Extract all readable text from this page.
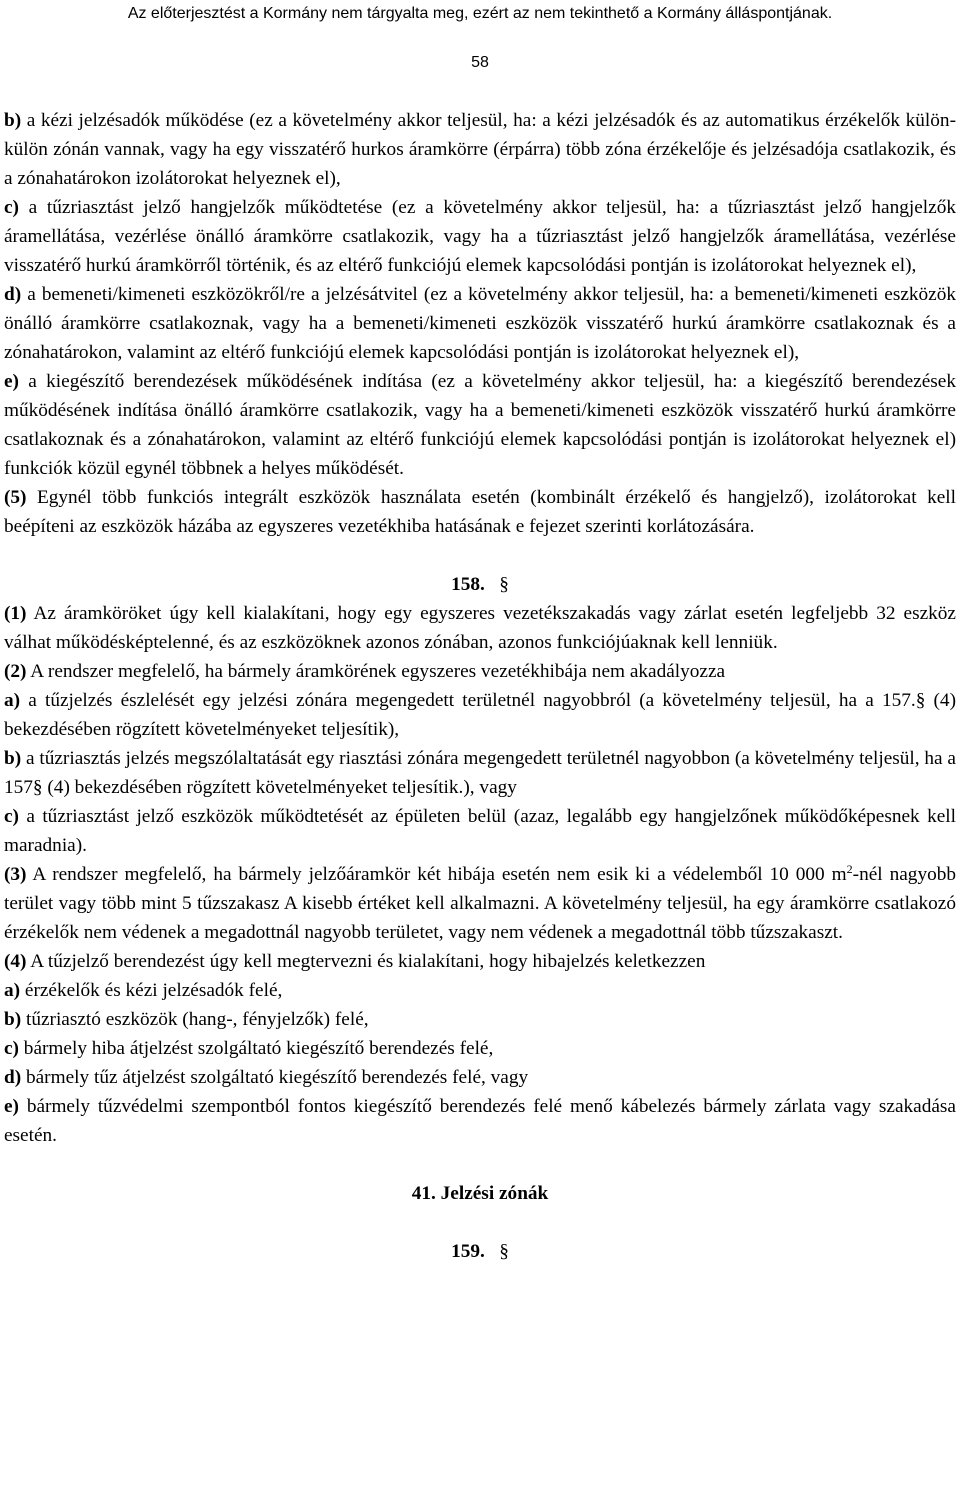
Az előterjesztést a Kormány nem tárgyalta meg, ezért az nem tekinthető a Kormány álláspontjának.
58

b) a kézi jelzésadók működése (ez a követelmény akkor teljesül, ha: a kézi jelzésadók és az automatikus érzékelők külön-külön zónán vannak, vagy ha egy visszatérő hurkos áramkörre (érpárra) több zóna érzékelője és jelzésadója csatlakozik, és a zónahatárokon izolátorokat helyeznek el),

c) a tűzriasztást jelző hangjelzők működtetése (ez a követelmény akkor teljesül, ha: a tűzriasztást jelző hangjelzők áramellátása, vezérlése önálló áramkörre csatlakozik, vagy ha a tűzriasztást jelző hangjelzők áramellátása, vezérlése visszatérő hurkú áramkörről történik, és az eltérő funkciójú elemek kapcsolódási pontján is izolátorokat helyeznek el),

d) a bemeneti/kimeneti eszközökről/re a jelzésátvitel (ez a követelmény akkor teljesül, ha: a bemeneti/kimeneti eszközök önálló áramkörre csatlakoznak, vagy ha a bemeneti/kimeneti eszközök visszatérő hurkú áramkörre csatlakoznak és a zónahatárokon, valamint az eltérő funkciójú elemek kapcsolódási pontján is izolátorokat helyeznek el),

e) a kiegészítő berendezések működésének indítása (ez a követelmény akkor teljesül, ha: a kiegészítő berendezések működésének indítása önálló áramkörre csatlakozik, vagy ha a bemeneti/kimeneti eszközök visszatérő hurkú áramkörre csatlakoznak és a zónahatárokon, valamint az eltérő funkciójú elemek kapcsolódási pontján is izolátorokat helyeznek el) funkciók közül egynél többnek a helyes működését.

(5) Egynél több funkciós integrált eszközök használata esetén (kombinált érzékelő és hangjelző), izolátorokat kell beépíteni az eszközök házába az egyszeres vezetékhiba hatásának e fejezet szerinti korlátozására.

158. §

(1) Az áramköröket úgy kell kialakítani, hogy egy egyszeres vezetékszakadás vagy zárlat esetén legfeljebb 32 eszköz válhat működésképtelenné, és az eszközöknek azonos zónában, azonos funkciójúaknak kell lenniük.

(2) A rendszer megfelelő, ha bármely áramkörének egyszeres vezetékhibája nem akadályozza

a) a tűzjelzés észlelését egy jelzési zónára megengedett területnél nagyobbról (a követelmény teljesül, ha a 157.§ (4) bekezdésében rögzített követelményeket teljesítik),

b) a tűzriasztás jelzés megszólaltatását egy riasztási zónára megengedett területnél nagyobbon (a követelmény teljesül, ha a 157§ (4) bekezdésében rögzített követelményeket teljesítik.), vagy

c) a tűzriasztást jelző eszközök működtetését az épületen belül (azaz, legalább egy hangjelzőnek működőképesnek kell maradnia).

(3) A rendszer megfelelő, ha bármely jelzőáramkör két hibája esetén nem esik ki a védelemből 10 000 $m^2$-nél nagyobb terület vagy több mint 5 tűzszakasz A kisebb értéket kell alkalmazni. A követelmény teljesül, ha egy áramkörre csatlakozó érzékelők nem védenek a megadottnál nagyobb területet, vagy nem védenek a megadottnál több tűzszakaszt.

(4) A tűzjelző berendezést úgy kell megtervezni és kialakítani, hogy hibajelzés keletkezzen

a) érzékelők és kézi jelzésadók felé,

b) tűzriasztó eszközök (hang-, fényjelzők) felé,

c) bármely hiba átjelzést szolgáltató kiegészítő berendezés felé,

d) bármely tűz átjelzést szolgáltató kiegészítő berendezés felé, vagy

e) bármely tűzvédelmi szempontból fontos kiegészítő berendezés felé menő kábelezés bármely zárlata vagy szakadása esetén.

41. Jelzési zónák

159. §
